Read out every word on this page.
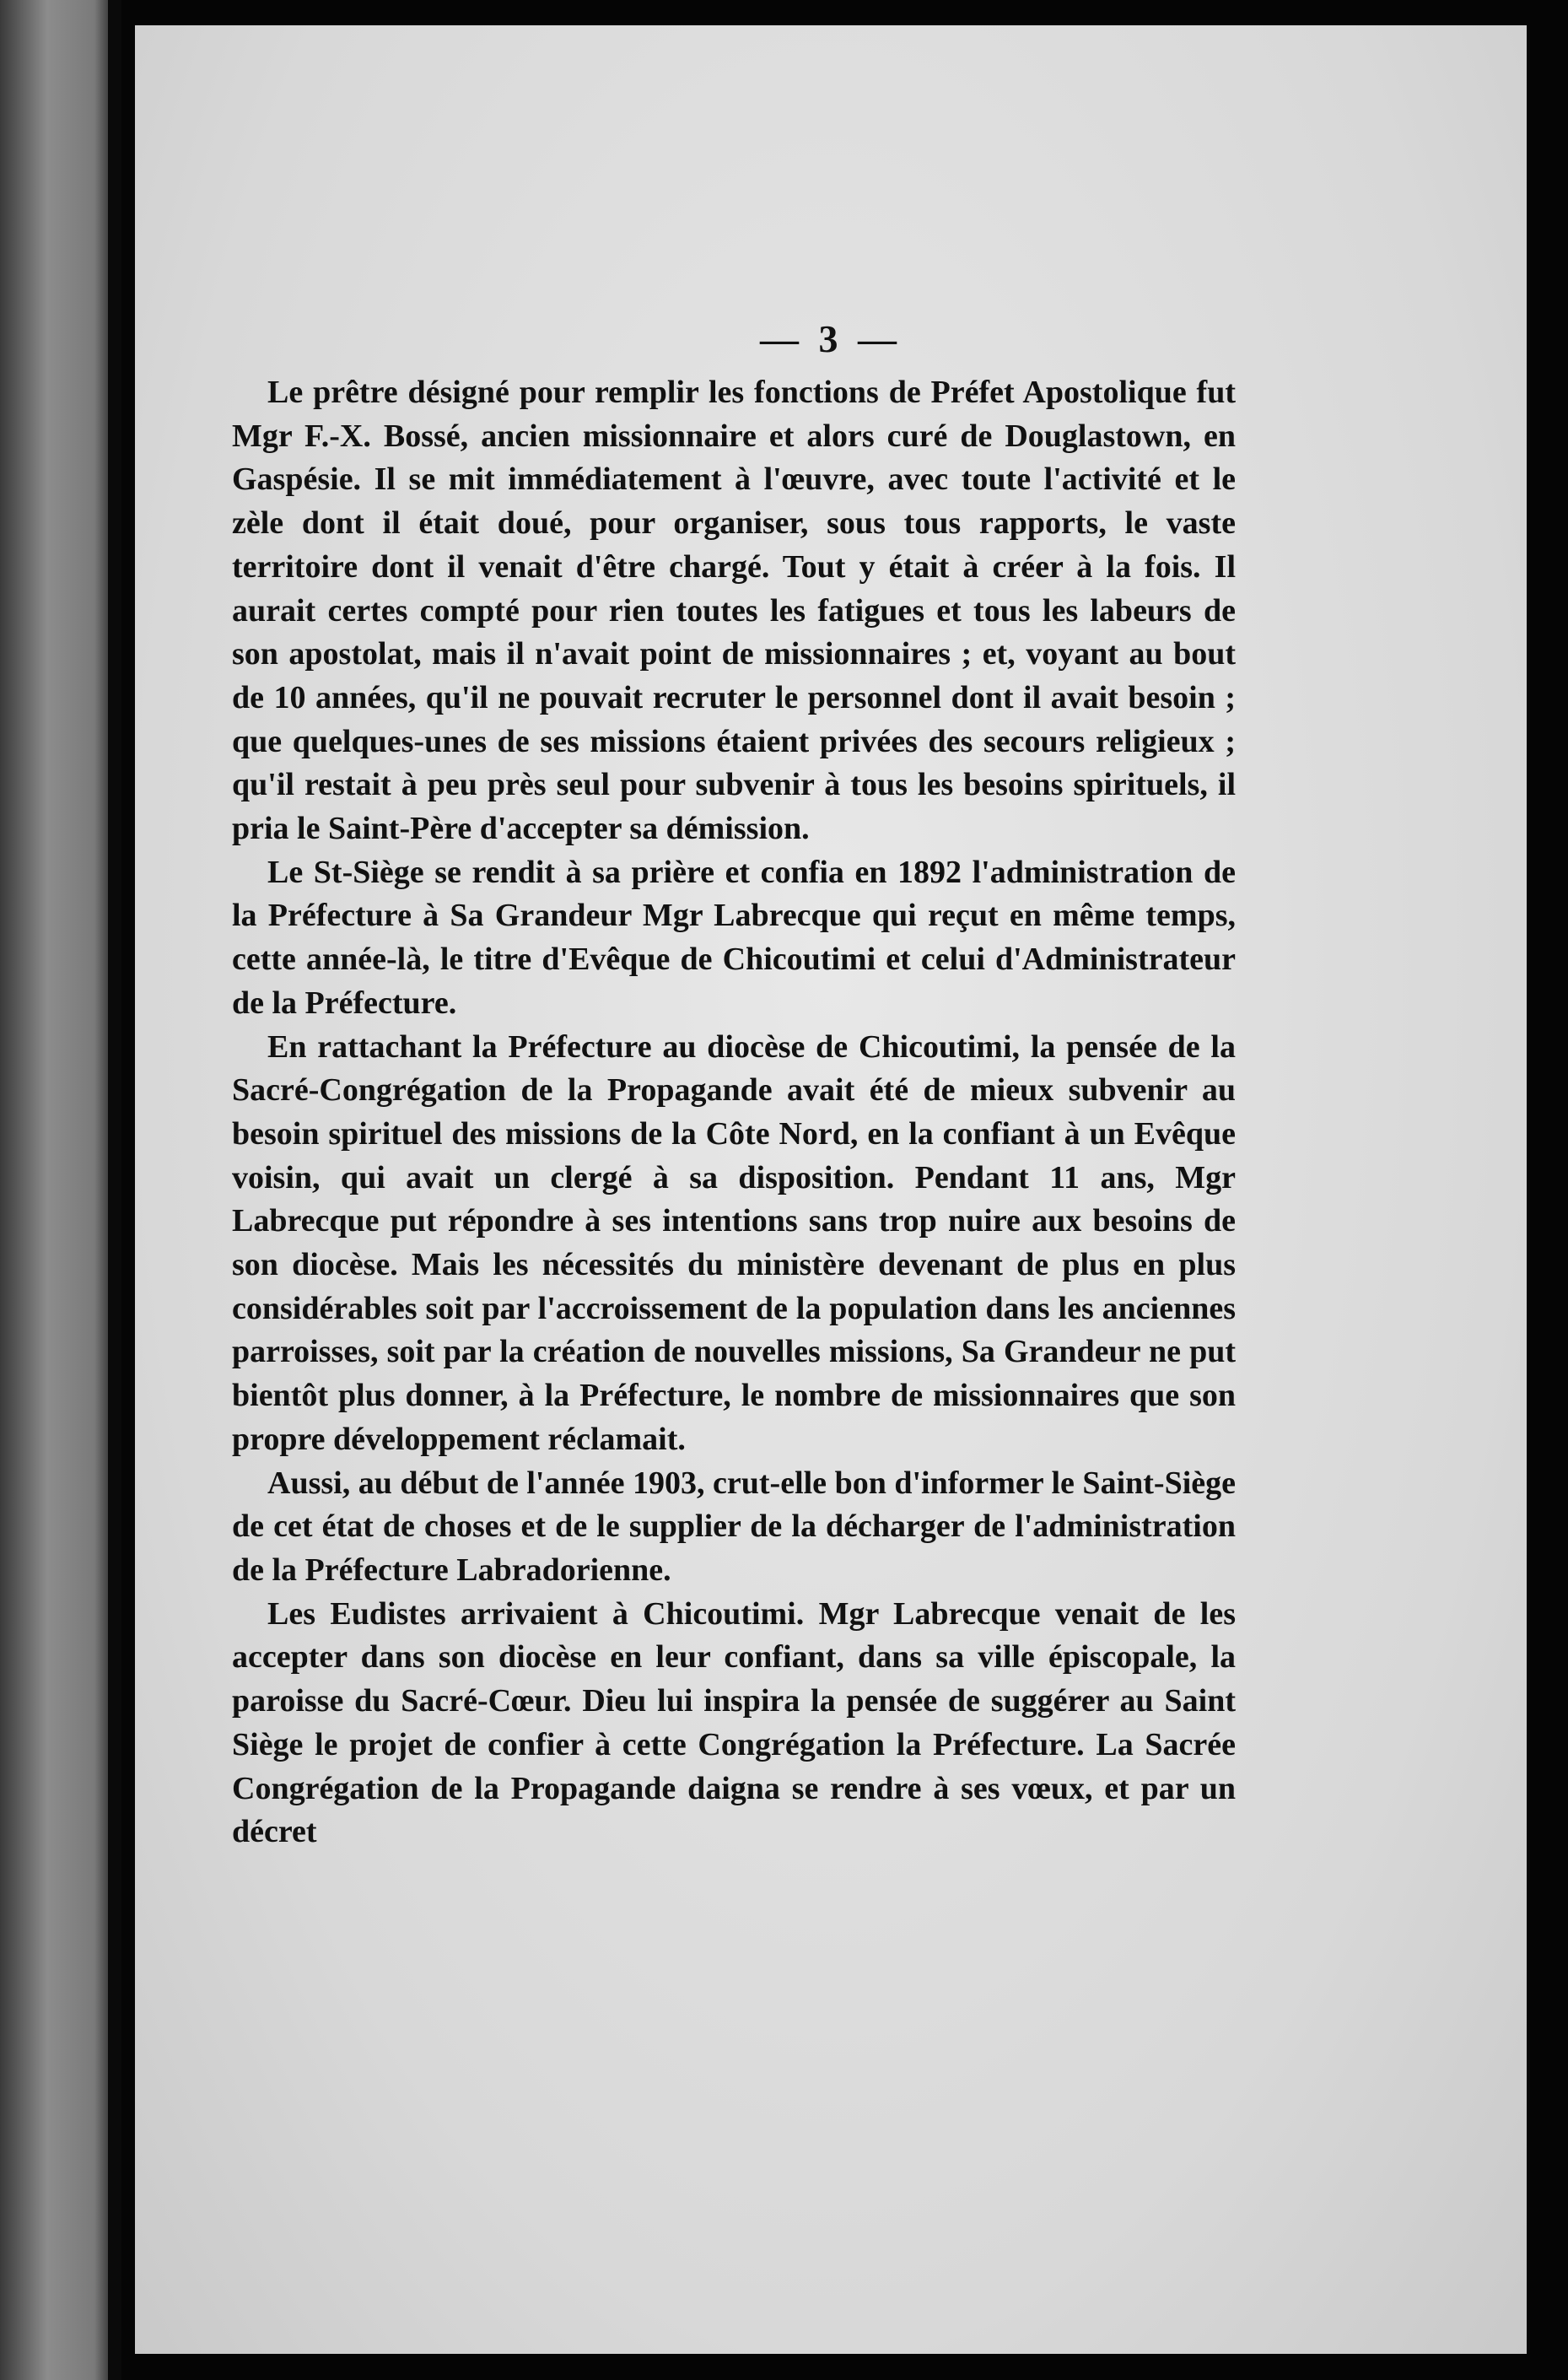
— 3 —

Le prêtre désigné pour remplir les fonctions de Préfet Apostolique fut Mgr F.-X. Bossé, ancien missionnaire et alors curé de Douglastown, en Gaspésie. Il se mit immédiatement à l'œuvre, avec toute l'activité et le zèle dont il était doué, pour organiser, sous tous rapports, le vaste territoire dont il venait d'être chargé. Tout y était à créer à la fois. Il aurait certes compté pour rien toutes les fatigues et tous les labeurs de son apostolat, mais il n'avait point de missionnaires ; et, voyant au bout de 10 années, qu'il ne pouvait recruter le personnel dont il avait besoin ; que quelques-unes de ses missions étaient privées des secours religieux ; qu'il restait à peu près seul pour subvenir à tous les besoins spirituels, il pria le Saint-Père d'accepter sa démission.

Le St-Siège se rendit à sa prière et confia en 1892 l'administration de la Préfecture à Sa Grandeur Mgr Labrecque qui reçut en même temps, cette année-là, le titre d'Evêque de Chicoutimi et celui d'Administrateur de la Préfecture.

En rattachant la Préfecture au diocèse de Chicoutimi, la pensée de la Sacré-Congrégation de la Propagande avait été de mieux subvenir au besoin spirituel des missions de la Côte Nord, en la confiant à un Evêque voisin, qui avait un clergé à sa disposition. Pendant 11 ans, Mgr Labrecque put répondre à ses intentions sans trop nuire aux besoins de son diocèse. Mais les nécessités du ministère devenant de plus en plus considérables soit par l'accroissement de la population dans les anciennes parroisses, soit par la création de nouvelles missions, Sa Grandeur ne put bientôt plus donner, à la Préfecture, le nombre de missionnaires que son propre développement réclamait.

Aussi, au début de l'année 1903, crut-elle bon d'informer le Saint-Siège de cet état de choses et de le supplier de la décharger de l'administration de la Préfecture Labradorienne.

Les Eudistes arrivaient à Chicoutimi. Mgr Labrecque venait de les accepter dans son diocèse en leur confiant, dans sa ville épiscopale, la paroisse du Sacré-Cœur. Dieu lui inspira la pensée de suggérer au Saint Siège le projet de confier à cette Congrégation la Préfecture. La Sacrée Congrégation de la Propagande daigna se rendre à ses vœux, et par un décret
